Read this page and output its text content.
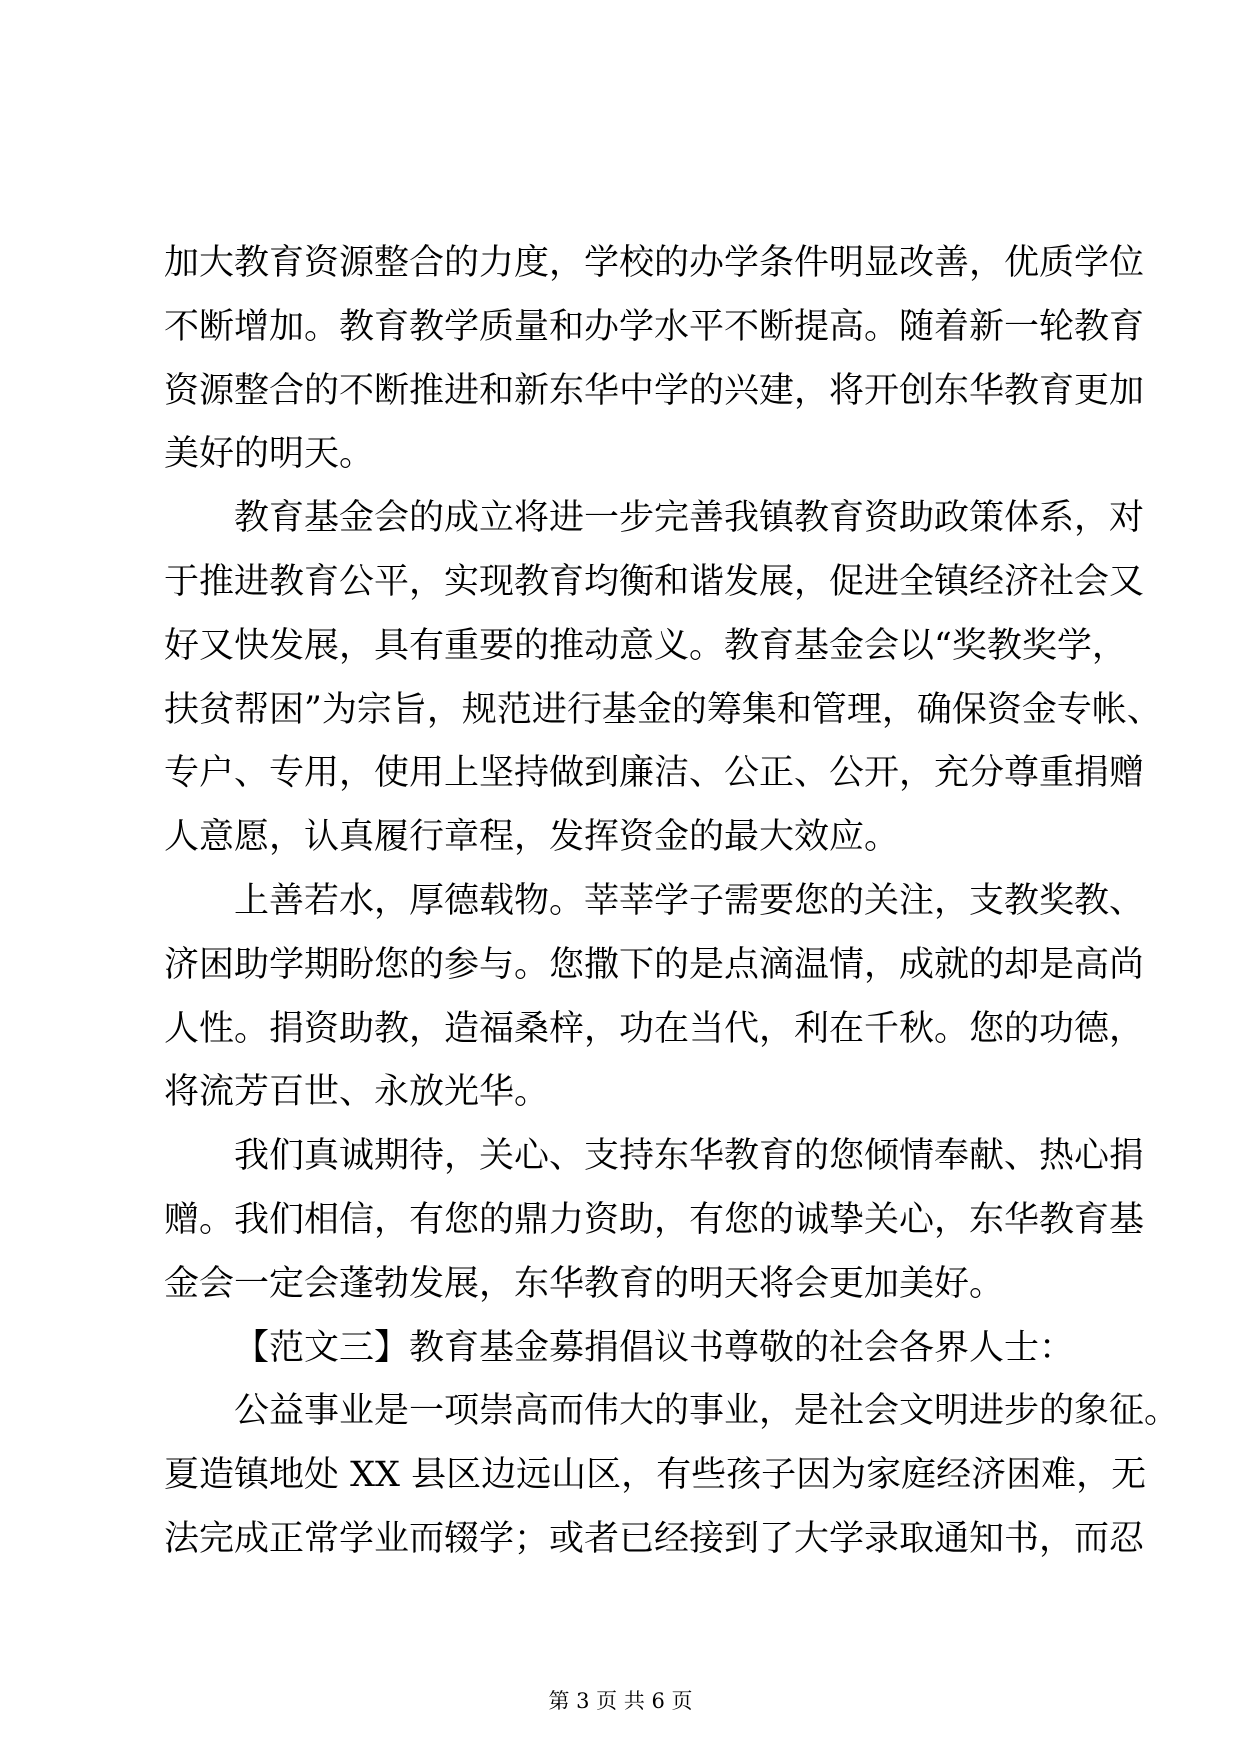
加大教育资源整合的力度，学校的办学条件明显改善，优质学位
不断增加。教育教学质量和办学水平不断提高。随着新一轮教育
资源整合的不断推进和新东华中学的兴建，将开创东华教育更加
美好的明天。
教育基金会的成立将进一步完善我镇教育资助政策体系，对
于推进教育公平，实现教育均衡和谐发展，促进全镇经济社会又
好又快发展，具有重要的推动意义。教育基金会以“奖教奖学，
扶贫帮困”为宗旨，规范进行基金的筹集和管理，确保资金专帐、
专户、专用，使用上坚持做到廉洁、公正、公开，充分尊重捐赠
人意愿，认真履行章程，发挥资金的最大效应。
上善若水，厚德载物。莘莘学子需要您的关注，支教奖教、
济困助学期盼您的参与。您撒下的是点滴温情，成就的却是高尚
人性。捐资助教，造福桑梓，功在当代，利在千秋。您的功德，
将流芳百世、永放光华。
我们真诚期待，关心、支持东华教育的您倾情奉献、热心捐
赠。我们相信，有您的鼎力资助，有您的诚挚关心，东华教育基
金会一定会蓬勃发展，东华教育的明天将会更加美好。
【范文三】教育基金募捐倡议书尊敬的社会各界人士：
公益事业是一项崇高而伟大的事业，是社会文明进步的象征。
夏造镇地处 XX 县区边远山区，有些孩子因为家庭经济困难，无
法完成正常学业而辍学；或者已经接到了大学录取通知书，而忍
第 3 页 共 6 页
